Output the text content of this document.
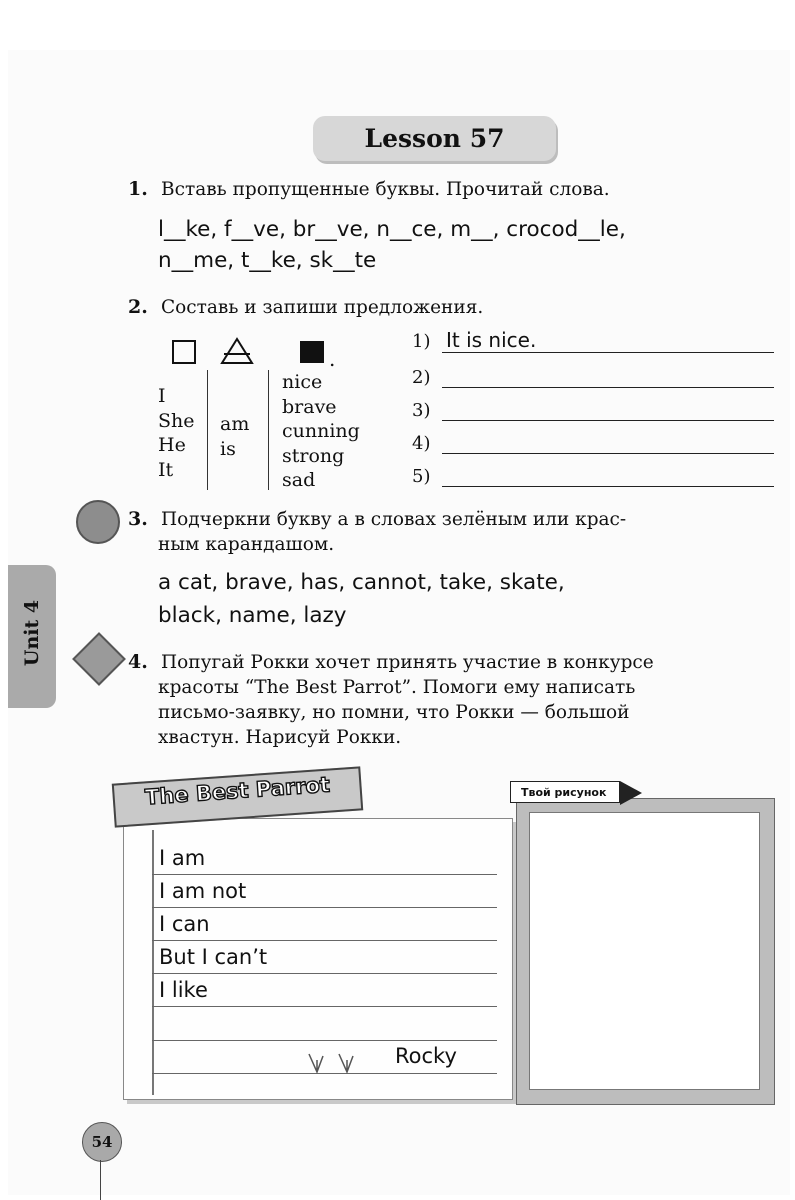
Lesson 57
1. Вставь пропущенные буквы. Прочитай слова.
l__ke, f__ve, br__ve, n__ce, m__, crocod__le,
n__me, t__ke, sk__te
2. Составь и запиши предложения.
.
I
She
He
It
am
is
nice
brave
cunning
strong
sad
1) It is nice.
2)
3)
4)
5)
3. Подчеркни букву а в словах зелёным или крас-
ным карандашом.
a cat, brave, has, cannot, take, skate,
black, name, lazy
Unit 4	4. Попугай Рокки хочет принять участие в конкурсе
красоты “The Best Parrot”. Помоги ему написать
письмо-заявку, но помни, что Рокки — большой
хвастун. Нарисуй Рокки.
I am
I am not
I can
But I can’t
I like
Rocky
The Best Parrot	Твой рисунок
54
